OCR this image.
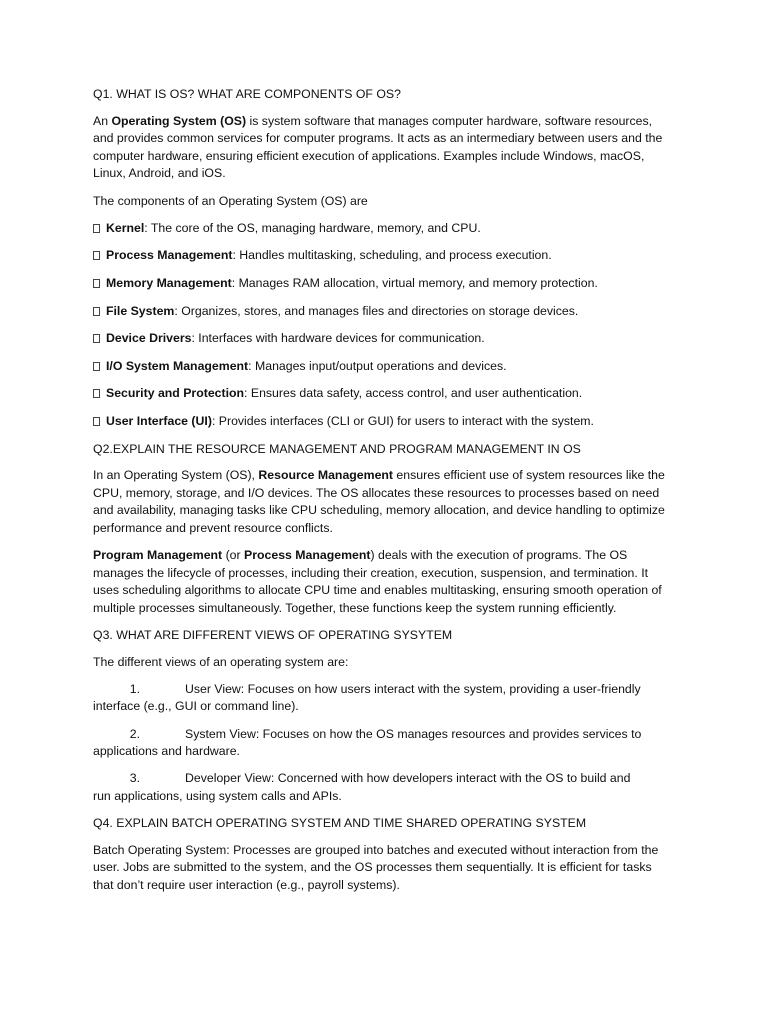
Q1. WHAT IS OS? WHAT ARE COMPONENTS OF OS?

An Operating System (OS) is system software that manages computer hardware, software resources, and provides common services for computer programs. It acts as an intermediary between users and the computer hardware, ensuring efficient execution of applications. Examples include Windows, macOS, Linux, Android, and iOS.

The components of an Operating System (OS) are

Kernel: The core of the OS, managing hardware, memory, and CPU.
Process Management: Handles multitasking, scheduling, and process execution.
Memory Management: Manages RAM allocation, virtual memory, and memory protection.
File System: Organizes, stores, and manages files and directories on storage devices.
Device Drivers: Interfaces with hardware devices for communication.
I/O System Management: Manages input/output operations and devices.
Security and Protection: Ensures data safety, access control, and user authentication.
User Interface (UI): Provides interfaces (CLI or GUI) for users to interact with the system.

Q2.EXPLAIN THE RESOURCE MANAGEMENT AND PROGRAM MANAGEMENT IN OS

In an Operating System (OS), Resource Management ensures efficient use of system resources like the CPU, memory, storage, and I/O devices. The OS allocates these resources to processes based on need and availability, managing tasks like CPU scheduling, memory allocation, and device handling to optimize performance and prevent resource conflicts.

Program Management (or Process Management) deals with the execution of programs. The OS manages the lifecycle of processes, including their creation, execution, suspension, and termination. It uses scheduling algorithms to allocate CPU time and enables multitasking, ensuring smooth operation of multiple processes simultaneously. Together, these functions keep the system running efficiently.

Q3. WHAT ARE DIFFERENT VIEWS OF OPERATING SYSYTEM

The different views of an operating system are:

1.	User View: Focuses on how users interact with the system, providing a user-friendly
interface (e.g., GUI or command line).
2.	System View: Focuses on how the OS manages resources and provides services to
applications and hardware.
3.	Developer View: Concerned with how developers interact with the OS to build and
run applications, using system calls and APIs.

Q4. EXPLAIN BATCH OPERATING SYSTEM AND TIME SHARED OPERATING SYSTEM

Batch Operating System: Processes are grouped into batches and executed without interaction from the user. Jobs are submitted to the system, and the OS processes them sequentially. It is efficient for tasks that don’t require user interaction (e.g., payroll systems).
